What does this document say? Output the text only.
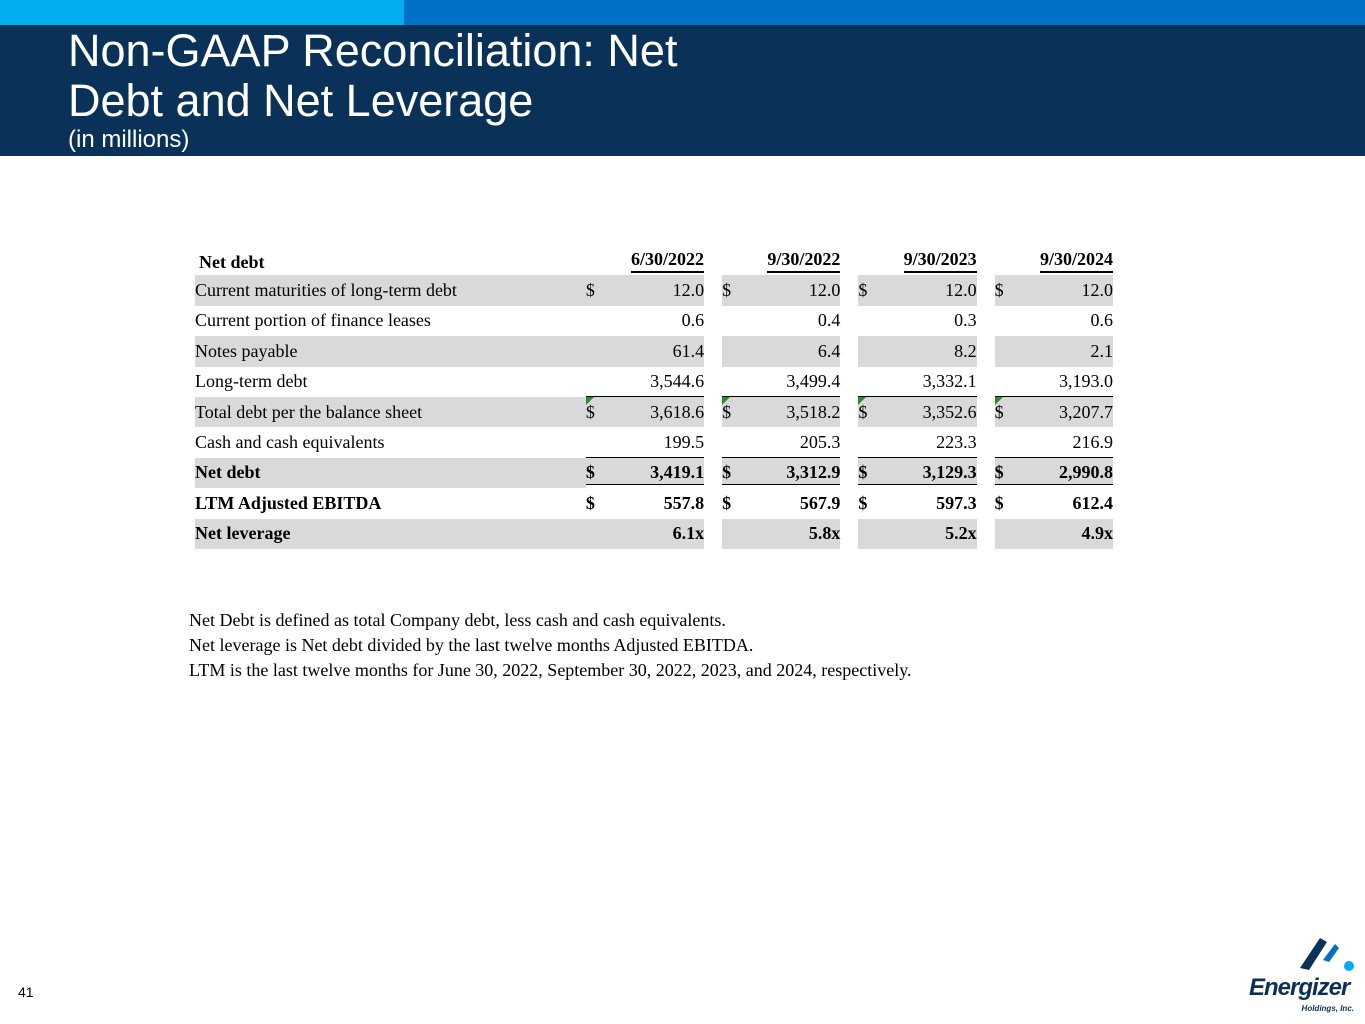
Non-GAAP Reconciliation: Net Debt and Net Leverage
(in millions)
Net debt	6/30/2022			9/30/2022			9/30/2023			9/30/2024	
Current maturities of long-term debt	$	12.0		$	12.0		$	12.0		$	12.0
Current portion of finance leases		0.6			0.4			0.3			0.6
Notes payable		61.4			6.4			8.2			2.1
Long-term debt		3,544.6			3,499.4			3,332.1			3,193.0
Total debt per the balance sheet	$	3,618.6		$	3,518.2		$	3,352.6		$	3,207.7
Cash and cash equivalents		199.5			205.3			223.3			216.9
Net debt	$	3,419.1		$	3,312.9		$	3,129.3		$	2,990.8
LTM Adjusted EBITDA	$	557.8		$	567.9		$	597.3		$	612.4
Net leverage		6.1x			5.8x			5.2x			4.9x

Net Debt is defined as total Company debt, less cash and cash equivalents.

Net leverage is Net debt divided by the last twelve months Adjusted EBITDA.

LTM is the last twelve months for June 30, 2022, September 30, 2022, 2023, and 2024, respectively.

41	Energizer
Holdings, Inc.
